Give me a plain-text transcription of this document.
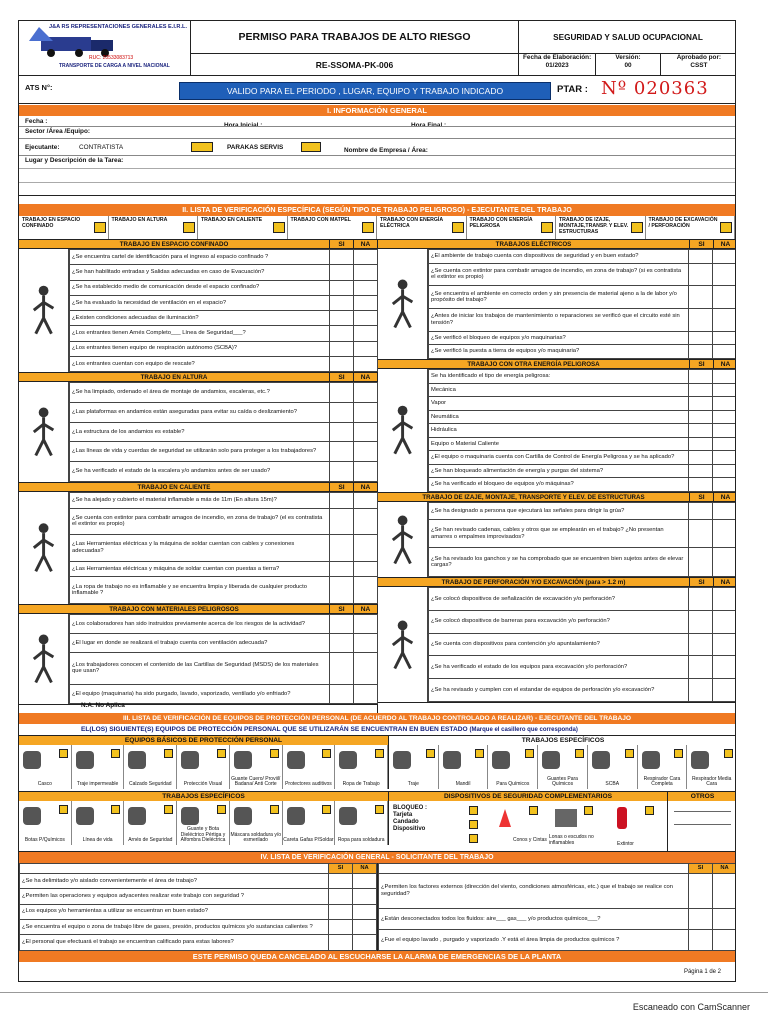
J&A RS REPRESENTACIONES GENERALES E.I.R.L.
RUC: 20533083713
TRANSPORTE DE CARGA A NIVEL NACIONAL
PERMISO PARA TRABAJOS DE ALTO RIESGO
RE-SSOMA-PK-006
SEGURIDAD Y SALUD OCUPACIONAL
Fecha de Elaboración:
01/2023
Versión:
00
Aprobado por:
CSST
ATS N°:	VALIDO PARA EL PERIODO , LUGAR, EQUIPO Y TRABAJO INDICADO	PTAR : Nº 020363
I. INFORMACIÓN GENERAL
Fecha :
Hora Inicial :	Hora Final :
Sector /Área /Equipo:
Ejecutante:	CONTRATISTA	PARAKAS SERVIS	Nombre de Empresa / Área:
Lugar y Descripción de la Tarea:
II. LISTA DE VERIFICACIÓN ESPECÍFICA (SEGÚN TIPO DE TRABAJO PELIGROSO) - EJECUTANTE DEL TRABAJO
TRABAJO EN ESPACIO CONFINADO
TRABAJO EN ALTURA	TRABAJO EN CALIENTE	TRABAJO CON MATPEL	TRABAJO CON ENERGÍA ELÉCTRICA
TRABAJO CON ENERGÍA PELIGROSA
TRABAJO DE IZAJE, MONTAJE,TRANSP. Y ELEV. ESTRUCTURAS
TRABAJO DE EXCAVACIÓN / PERFORACIÓN
TRABAJO EN ESPACIO CONFINADO	SI	NA
¿Se encuentra cartel de identificación para el ingreso al espacio confinado ?		
¿Se han habilitado entradas y Salidas adecuadas en caso de Evacuación?		
¿Se ha establecido medio de comunicación desde el espacio confinado?		
¿Se ha evaluado la necesidad de ventilación en el espacio?		
¿Existen condiciones adecuadas de iluminación?		
¿Los entrantes tienen Arnés Completo___ Línea de Seguridad___?		
¿Los entrantes tienen equipo de respiración autónomo (SCBA)?		
¿Los entrantes cuentan con equipo de rescate?		
TRABAJO EN ALTURA	SI	NA
¿Se ha limpiado, ordenado el área de montaje de andamios, escaleras, etc.?		
¿Las plataformas en andamios están aseguradas para evitar su caída o deslizamiento?		
¿La estructura de los andamios es estable?		
¿Las líneas de vida y cuerdas de seguridad se utilizarán solo para proteger a los trabajadores?		
¿Se ha verificado el estado de la escalera y/o andamios antes de ser usado?		
TRABAJO EN CALIENTE	SI	NA
¿Se ha alejado y cubierto el material inflamable a más de 11m (En altura 15m)?		
¿Se cuenta con extintor para combatir amagos de incendio, en zona de trabajo? (el es contratista el extintor es propio)		
¿Las Herramientas eléctricas y la máquina de soldar cuentan con cables y conexiones adecuadas?		
¿Las Herramientas eléctricas y máquina de soldar cuentan con puestas a tierra?		
¿La ropa de trabajo no es inflamable y se encuentra limpia y liberada de cualquier producto inflamable ?		
TRABAJO CON MATERIALES PELIGROSOS	SI	NA
¿Los colaboradores han sido instruidos previamente acerca de los riesgos de la actividad?		
¿El lugar en donde se realizará el trabajo cuenta con ventilación adecuada?		
¿Los trabajadores conocen el contenido de las Cartillas de Seguridad (MSDS) de los materiales que usan?		
¿El equipo (maquinaria) ha sido purgado, lavado, vaporizado, ventilado y/o enfriado?		
TRABAJOS ELÉCTRICOS	SI	NA
¿El ambiente de trabajo cuenta con dispositivos de seguridad y en buen estado?		
¿Se cuenta con extintor para combatir amagos de incendio, en zona de trabajo? (si es contratista el extintor es propio)		
¿Se encuentra el ambiente en correcto orden y sin presencia de material ajeno a la de labor y/o propósito del trabajo?		
¿Antes de iniciar los trabajos de mantenimiento o reparaciones se verificó que el circuito esté sin tensión?		
¿Se verificó el bloqueo de equipos y/o maquinarias?		
¿Se verificó la puesta a tierra de equipos y/o maquinaria?		
TRABAJO CON OTRA ENERGÍA PELIGROSA	SI	NA
Se ha identificado el tipo de energía peligrosa:		
Mecánica		
Vapor		
Neumática		
Hidráulica		
Equipo o Material Caliente		
¿El equipo o maquinaria cuenta con Cartilla de Control de Energía Peligrosa y se ha aplicado?		
¿Se han bloqueado alimentación de energía y purgas del sistema?		
¿Se ha verificado el bloqueo de equipos y/o máquinas?		
TRABAJO DE IZAJE, MONTAJE, TRANSPORTE Y ELEV. DE ESTRUCTURAS	SI	NA
¿Se ha designado a persona que ejecutará las señales para dirigir la grúa?		
¿Se han revisado cadenas, cables y otros que se emplearán en el trabajo? ¿No presentan amarres o empalmes improvisados?		
¿Se ha revisado los ganchos y se ha comprobado que se encuentren bien sujetos antes de elevar cargas?		
TRABAJO DE PERFORACIÓN Y/O EXCAVACIÓN (para > 1.2 m)	SI	NA
¿Se colocó dispositivos de señalización de excavación y/o perforación?		
¿Se colocó dispositivos de barreras para excavación y/o perforación?		
¿Se cuenta con dispositivos para contención y/o apuntalamiento?		
¿Se ha verificado el estado de los equipos para excavación y/o perforación?		
¿Se ha revisado y cumplen con el estandar de equipos de perforación y/o excavación?		
N.A. No Aplica
III. LISTA DE VERIFICACIÓN DE EQUIPOS DE PROTECCIÓN PERSONAL (DE ACUERDO AL TRABAJO CONTROLADO A REALIZAR) - EJECUTANTE DEL TRABAJO
EL(LOS) SIGUIENTE(S) EQUIPOS DE PROTECCIÓN PERSONAL QUE SE UTILIZARÁN SE ENCUENTRAN EN BUEN ESTADO (Marque el casillero que corresponda)
EQUIPOS BÁSICOS DE PROTECCIÓN PERSONAL	TRABAJOS ESPECÍFICOS
Casco	Traje impermeable	Calzado Seguridad	Protección Visual
Guante Cuero/ Proviil/ Badana/ Anti Corte	Protectores auditivos	Ropa de Trabajo	Traje	Mandil	Para Químicos
Guantes Para Químicos	SCBA
Respirador Cara Completa
Respirador Media Cara
TRABAJOS ESPECÍFICOS	DISPOSITIVOS DE SEGURIDAD COMPLEMENTARIOS	OTROS
Botas P/Químicos	Línea de vida	Arnés de Seguridad
Guante y Bota Dieléctrico Pértiga y Alfombra Dieléctrica
Máscara soldadura y/o esmerilado	Careta Gafas P/Soldar Ropa para soldadura
BLOQUEO :
Tarjeta
Candado
Dispositivo
Conos y Cintas Lonas o escudos no inflamables	Extintor
IV. LISTA DE VERIFICACIÓN GENERAL - SOLICITANTE DEL TRABAJO
	SI	NA
¿Se ha delimitado y/o aislado convenientemente el área de trabajo?		
¿Permiten las operaciones y equipos adyacentes realizar este trabajo con seguridad ?		
¿Los equipos y/o herramientas a utilizar se encuentran en buen estado?		
¿Se encuentra el equipo o zona de trabajo libre de gases, presión, productos químicos y/o sustancias calientes ?		
¿El personal que efectuará el trabajo se encuentran calificado para estas labores?		
	SI	NA
¿Permiten los factores externos (dirección del viento, condiciones atmosféricas, etc.) que el trabajo se realice con seguridad?		
¿Están desconectados todos los fluidos: aire___ gas___ y/o productos químicos___?		
¿Fue el equipo lavado , purgado y vaporizado .Y está el área limpia de productos químicos ?		
ESTE PERMISO QUEDA CANCELADO AL ESCUCHARSE LA ALARMA DE EMERGENCIAS DE LA PLANTA
Página 1 de 2
Escaneado con CamScanner
